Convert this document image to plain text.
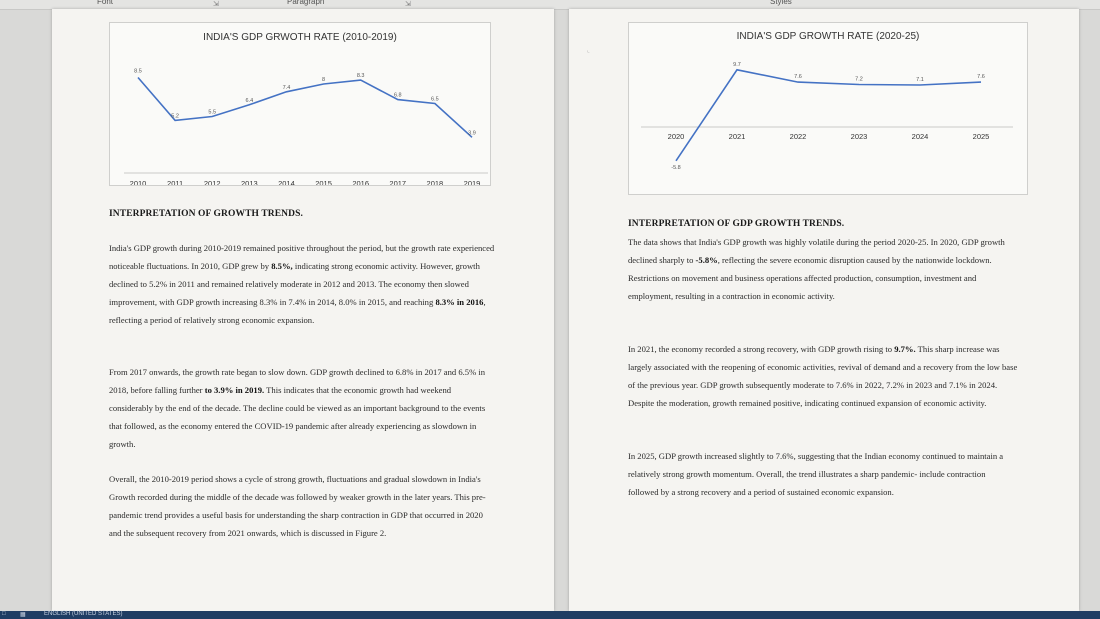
Font	⇲	Paragraph	⇲	Styles
INDIA'S GDP GRWOTH RATE (2010-2019)
8.5
5.2
5.5
6.4
7.4
8
8.3
6.8
6.5
3.9
2010	2011	2012	2013	2014	2015	2016	2017	2018	2019
INTERPRETATION OF GROWTH TRENDS.

India's GDP growth during 2010-2019 remained positive throughout the period, but the growth rate experienced noticeable fluctuations. In 2010, GDP grew by 8.5%, indicating strong economic activity. However, growth declined to 5.2% in 2011 and remained relatively moderate in 2012 and 2013. The economy then slowed improvement, with GDP growth increasing 8.3% in 7.4% in 2014, 8.0% in 2015, and reaching 8.3% in 2016, reflecting a period of relatively strong economic expansion.

From 2017 onwards, the growth rate began to slow down. GDP growth declined to 6.8% in 2017 and 6.5% in 2018, before falling further to 3.9% in 2019. This indicates that the economic growth had weekend considerably by the end of the decade. The decline could be viewed as an important background to the events that followed, as the economy entered the COVID-19 pandemic after already experiencing as slowdown in growth.

Overall, the 2010-2019 period shows a cycle of strong growth, fluctuations and gradual slowdown in India's Growth recorded during the middle of the decade was followed by weaker growth in the later years. This pre- pandemic trend provides a useful basis for understanding the sharp contraction in GDP that occurred in 2020 and the subsequent recovery from 2021 onwards, which is discussed in Figure 2.

⌞
INDIA'S GDP GROWTH RATE (2020-25)
-5.8
9.7
7.6	7.2	7.1	7.6
2020	2021	2022	2023	2024	2025
INTERPRETATION OF GDP GROWTH TRENDS.

The data shows that India's GDP growth was highly volatile during the period 2020-25. In 2020, GDP growth declined sharply to -5.8%, reflecting the severe economic disruption caused by the nationwide lockdown. Restrictions on movement and business operations affected production, consumption, investment and employment, resulting in a contraction in economic activity.

In 2021, the economy recorded a strong recovery, with GDP growth rising to 9.7%. This sharp increase was largely associated with the reopening of economic activities, revival of demand and a recovery from the low base of the previous year. GDP growth subsequently moderate to 7.6% in 2022, 7.2% in 2023 and 7.1% in 2024. Despite the moderation, growth remained positive, indicating continued expansion of economic activity.

In 2025, GDP growth increased slightly to 7.6%, suggesting that the Indian economy continued to maintain a relatively strong growth momentum. Overall, the trend illustrates a sharp pandemic- include contraction followed by a strong recovery and a period of sustained economic expansion.

□ ▦	ENGLISH (UNITED STATES)
